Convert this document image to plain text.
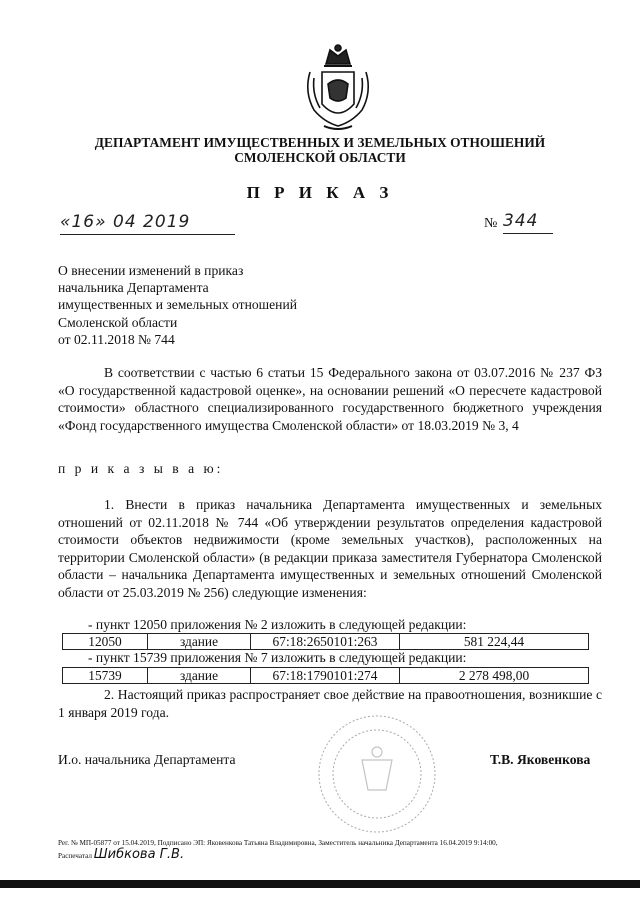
ДЕПАРТАМЕНТ ИМУЩЕСТВЕННЫХ И ЗЕМЕЛЬНЫХ ОТНОШЕНИЙ
СМОЛЕНСКОЙ ОБЛАСТИ
П Р И К А З
«16» 04 2019	№ 344
О внесении изменений в приказ
начальника Департамента
имущественных и земельных отношений
Смоленской области
от 02.11.2018 № 744
В соответствии с частью 6 статьи 15 Федерального закона от 03.07.2016 № 237 ФЗ «О государственной кадастровой оценке», на основании решений «О пересчете кадастровой стоимости» областного специализированного государственного бюджетного учреждения «Фонд государственного имущества Смоленской области» от 18.03.2019 № 3, 4
п р и к а з ы в а ю:
1. Внести в приказ начальника Департамента имущественных и земельных отношений от 02.11.2018 № 744 «Об утверждении результатов определения кадастровой стоимости объектов недвижимости (кроме земельных участков), расположенных на территории Смоленской области» (в редакции приказа заместителя Губернатора Смоленской области – начальника Департамента имущественных и земельных отношений Смоленской области от 25.03.2019 № 256) следующие изменения:
- пункт 12050 приложения № 2 изложить в следующей редакции:
12050	здание	67:18:2650101:263	581 224,44
- пункт 15739 приложения № 7 изложить в следующей редакции:
15739	здание	67:18:1790101:274	2 278 498,00
2. Настоящий приказ распространяет свое действие на правоотношения, возникшие с 1 января 2019 года.
И.о. начальника Департамента	Т.В. Яковенкова
Рег. № МП-05877 от 15.04.2019, Подписано ЭП: Яковенкова Татьяна Владимировна, Заместитель начальника Департамента 16.04.2019 9:14:00,
Распечатал Шибкова Г.В.
